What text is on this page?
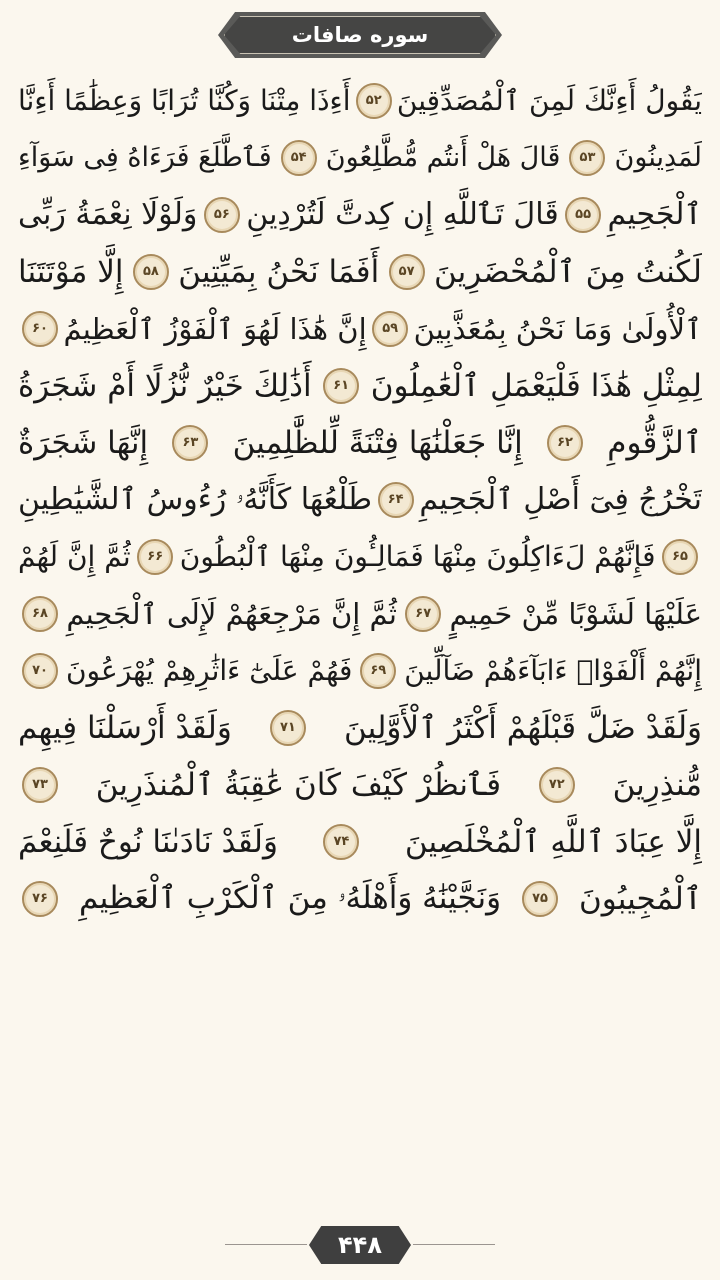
سوره صافات
يَقُولُ أَءِنَّكَ لَمِنَ ٱلْمُصَدِّقِينَ
۵۲
أَءِذَا مِتْنَا وَكُنَّا تُرَابًا وَعِظَٰمًا أَءِنَّا
لَمَدِينُونَ
۵۳
قَالَ هَلْ أَنتُم مُّطَّلِعُونَ
۵۴
فَٱطَّلَعَ فَرَءَاهُ فِى سَوَآءِ
ٱلْجَحِيمِ
۵۵
قَالَ تَٱللَّهِ إِن كِدتَّ لَتُرْدِينِ
۵۶
وَلَوْلَا نِعْمَةُ رَبِّى
لَكُنتُ مِنَ ٱلْمُحْضَرِينَ
۵۷
أَفَمَا نَحْنُ بِمَيِّتِينَ
۵۸
إِلَّا مَوْتَتَنَا
ٱلْأُولَىٰ وَمَا نَحْنُ بِمُعَذَّبِينَ
۵۹
إِنَّ هَٰذَا لَهُوَ ٱلْفَوْزُ ٱلْعَظِيمُ
۶۰
لِمِثْلِ هَٰذَا فَلْيَعْمَلِ ٱلْعَٰمِلُونَ
۶۱
أَذَٰلِكَ خَيْرٌ نُّزُلًا أَمْ شَجَرَةُ
ٱلزَّقُّومِ
۶۲
إِنَّا جَعَلْنَٰهَا فِتْنَةً لِّلظَّٰلِمِينَ
۶۳
إِنَّهَا شَجَرَةٌ
تَخْرُجُ فِىٓ أَصْلِ ٱلْجَحِيمِ
۶۴
طَلْعُهَا كَأَنَّهُۥ رُءُوسُ ٱلشَّيَٰطِينِ
۶۵
فَإِنَّهُمْ لَءَاكِلُونَ مِنْهَا فَمَالِـُٔونَ مِنْهَا ٱلْبُطُونَ
۶۶
ثُمَّ إِنَّ لَهُمْ
عَلَيْهَا لَشَوْبًا مِّنْ حَمِيمٍ
۶۷
ثُمَّ إِنَّ مَرْجِعَهُمْ لَإِلَى ٱلْجَحِيمِ
۶۸
إِنَّهُمْ أَلْفَوْا۟ ءَابَآءَهُمْ ضَآلِّينَ
۶۹
فَهُمْ عَلَىٰٓ ءَاثَٰرِهِمْ يُهْرَعُونَ
۷۰
وَلَقَدْ ضَلَّ قَبْلَهُمْ أَكْثَرُ ٱلْأَوَّلِينَ
۷۱
وَلَقَدْ أَرْسَلْنَا فِيهِم
مُّنذِرِينَ
۷۲
فَٱنظُرْ كَيْفَ كَانَ عَٰقِبَةُ ٱلْمُنذَرِينَ
۷۳
إِلَّا عِبَادَ ٱللَّهِ ٱلْمُخْلَصِينَ
۷۴
وَلَقَدْ نَادَىٰنَا نُوحٌ فَلَنِعْمَ
ٱلْمُجِيبُونَ
۷۵
وَنَجَّيْنَٰهُ وَأَهْلَهُۥ مِنَ ٱلْكَرْبِ ٱلْعَظِيمِ
۷۶
۴۴۸
